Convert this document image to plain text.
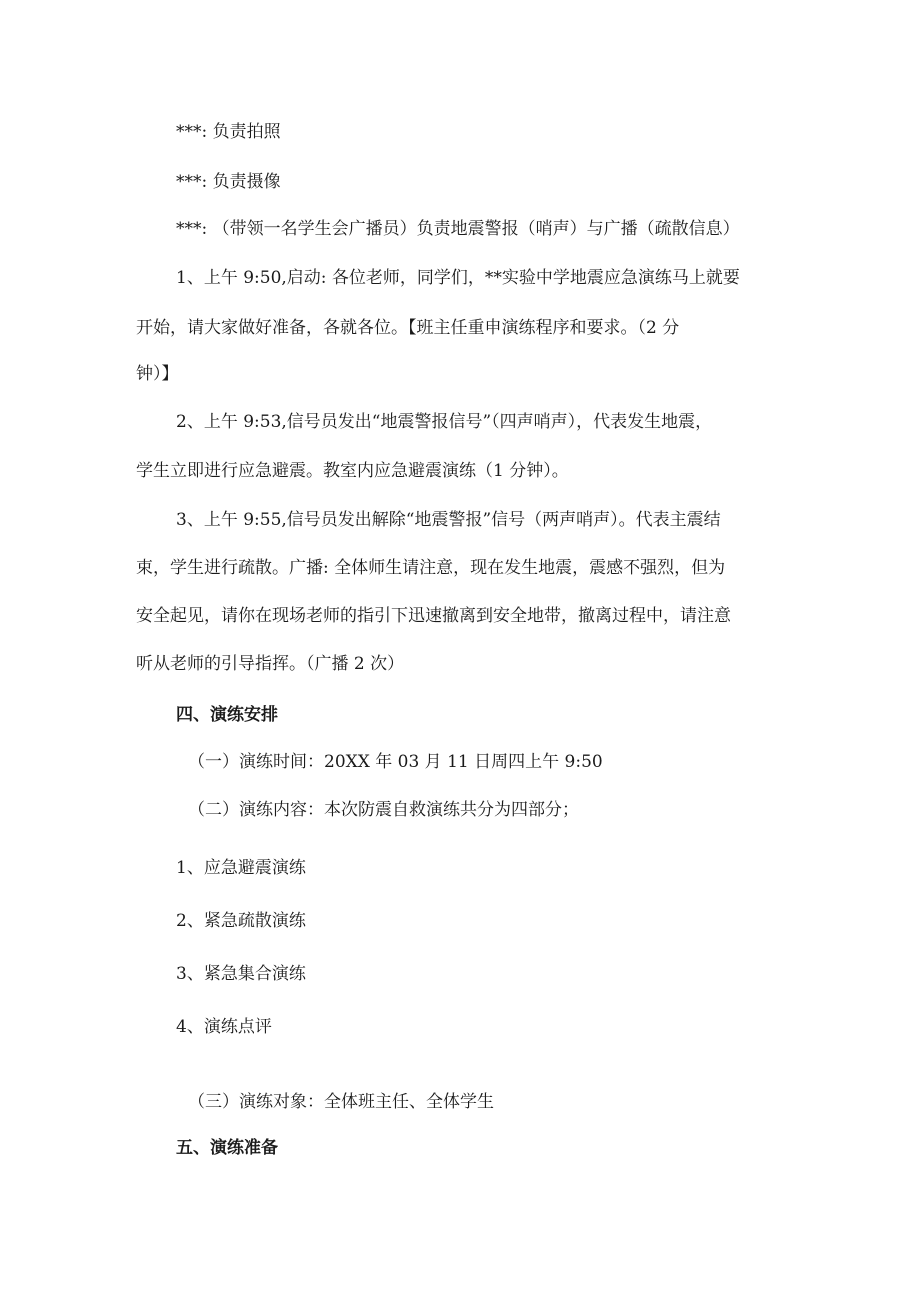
***: 负责拍照
***: 负责摄像
***: （带领一名学生会广播员）负责地震警报（哨声）与广播（疏散信息）
1、上午 9:50,启动: 各位老师，同学们，**实验中学地震应急演练马上就要
开始，请大家做好准备，各就各位。【班主任重申演练程序和要求。（2 分
钟）】
2、上午 9:53,信号员发出“地震警报信号”（四声哨声），代表发生地震，
学生立即进行应急避震。教室内应急避震演练（1 分钟）。
3、上午 9:55,信号员发出解除“地震警报”信号（两声哨声）。代表主震结
束，学生进行疏散。广播: 全体师生请注意，现在发生地震，震感不强烈，但为
安全起见，请你在现场老师的指引下迅速撤离到安全地带，撤离过程中，请注意
听从老师的引导指挥。（广播 2 次）
四、演练安排
（一）演练时间：20XX 年 03 月 11 日周四上午 9:50
（二）演练内容：本次防震自救演练共分为四部分；
1、应急避震演练
2、紧急疏散演练
3、紧急集合演练
4、演练点评
（三）演练对象：全体班主任、全体学生
五、演练准备
